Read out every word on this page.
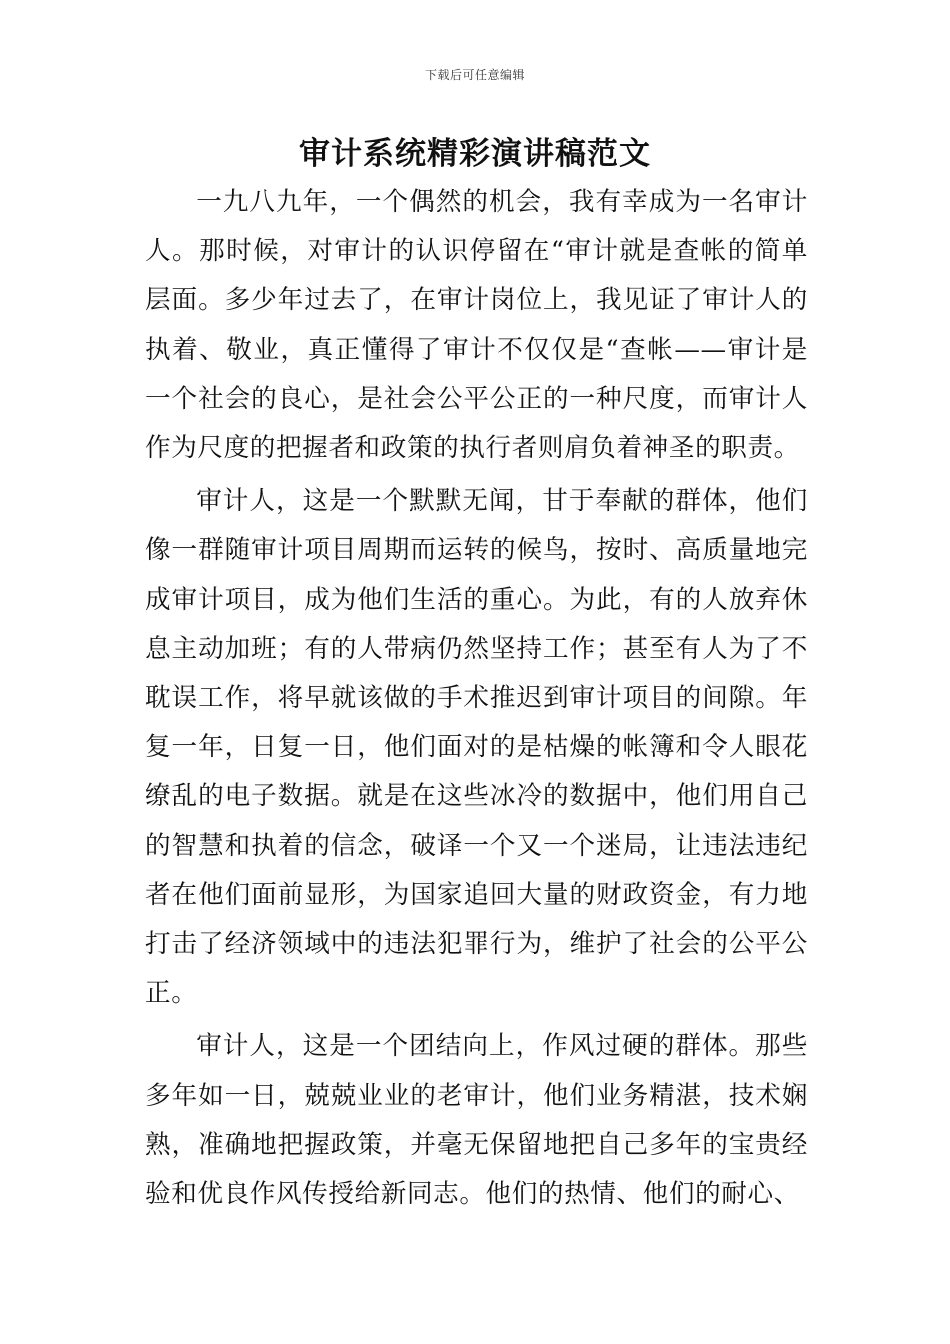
下载后可任意编辑
审计系统精彩演讲稿范文

一九八九年，一个偶然的机会，我有幸成为一名审计人。那时候，对审计的认识停留在“审计就是查帐的简单层面。多少年过去了，在审计岗位上，我见证了审计人的执着、敬业，真正懂得了审计不仅仅是“查帐——审计是一个社会的良心，是社会公平公正的一种尺度，而审计人作为尺度的把握者和政策的执行者则肩负着神圣的职责。

审计人，这是一个默默无闻，甘于奉献的群体，他们像一群随审计项目周期而运转的候鸟，按时、高质量地完成审计项目，成为他们生活的重心。为此，有的人放弃休息主动加班；有的人带病仍然坚持工作；甚至有人为了不耽误工作，将早就该做的手术推迟到审计项目的间隙。年复一年，日复一日，他们面对的是枯燥的帐簿和令人眼花缭乱的电子数据。就是在这些冰冷的数据中，他们用自己的智慧和执着的信念，破译一个又一个迷局，让违法违纪者在他们面前显形，为国家追回大量的财政资金，有力地打击了经济领域中的违法犯罪行为，维护了社会的公平公正。

审计人，这是一个团结向上，作风过硬的群体。那些多年如一日，兢兢业业的老审计，他们业务精湛，技术娴熟，准确地把握政策，并毫无保留地把自己多年的宝贵经验和优良作风传授给新同志。他们的热情、他们的耐心、
